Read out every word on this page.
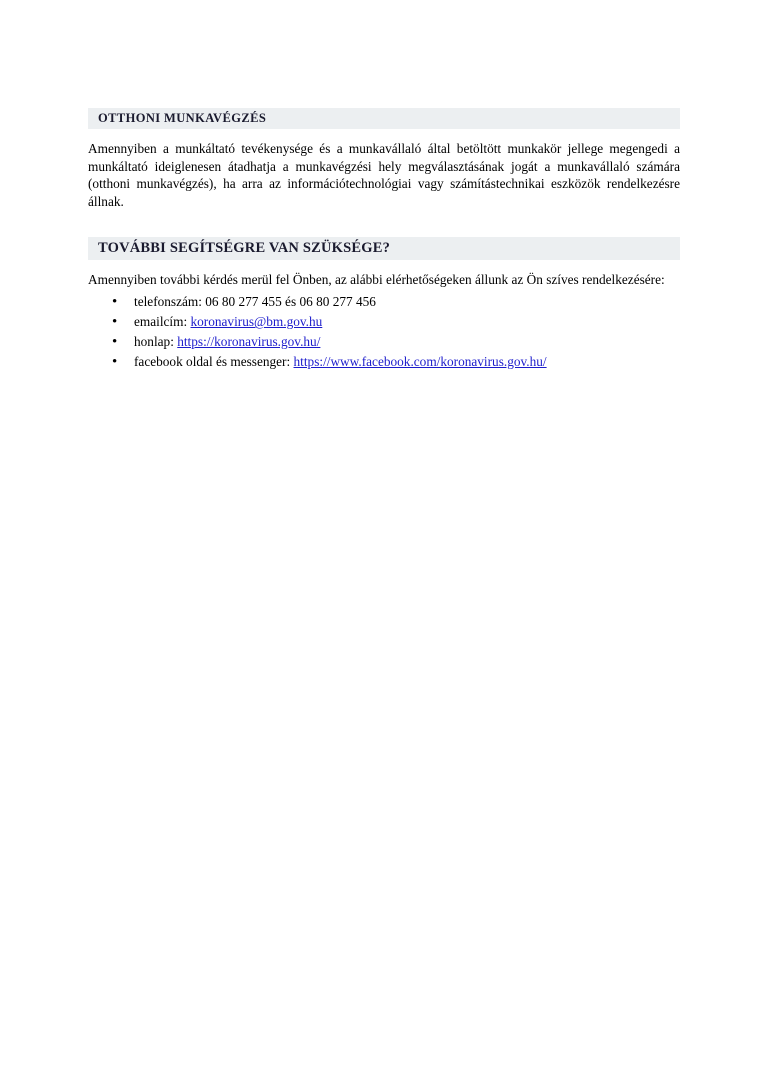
OTTHONI MUNKAVÉGZÉS

Amennyiben a munkáltató tevékenysége és a munkavállaló által betöltött munkakör jellege megengedi a munkáltató ideiglenesen átadhatja a munkavégzési hely megválasztásának jogát a munkavállaló számára (otthoni munkavégzés), ha arra az információtechnológiai vagy számítástechnikai eszközök rendelkezésre állnak.

TOVÁBBI SEGÍTSÉGRE VAN SZÜKSÉGE?

Amennyiben további kérdés merül fel Önben, az alábbi elérhetőségeken állunk az Ön szíves rendelkezésére:

• telefonszám: 06 80 277 455 és 06 80 277 456
• emailcím: koronavirus@bm.gov.hu
• honlap: https://koronavirus.gov.hu/
• facebook oldal és messenger: https://www.facebook.com/koronavirus.gov.hu/
